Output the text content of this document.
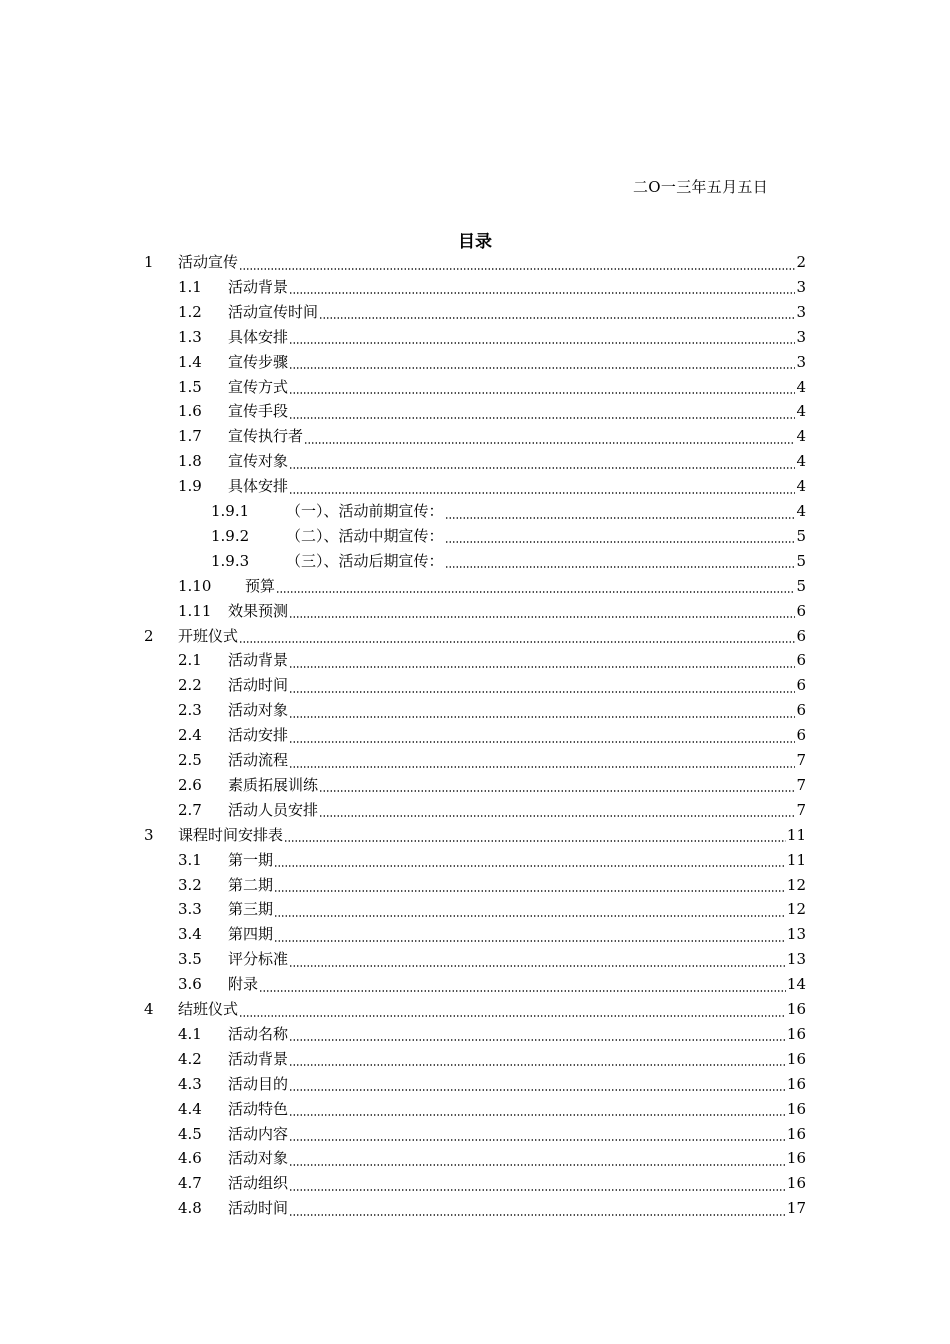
二O一三年五月五日
目录
1	活动宣传	2
1.1	活动背景	3
1.2	活动宣传时间	3
1.3	具体安排	3
1.4	宣传步骤	3
1.5	宣传方式	4
1.6	宣传手段	4
1.7	宣传执行者	4
1.8	宣传对象	4
1.9	具体安排	4
1.9.1	（一）、活动前期宣传：	4
1.9.2	（二）、活动中期宣传：	5
1.9.3	（三）、活动后期宣传：	5
1.10	预算	5
1.11	效果预测	6
2	开班仪式	6
2.1	活动背景	6
2.2	活动时间	6
2.3	活动对象	6
2.4	活动安排	6
2.5	活动流程	7
2.6	素质拓展训练	7
2.7	活动人员安排	7
3	课程时间安排表	11
3.1	第一期	11
3.2	第二期	12
3.3	第三期	12
3.4	第四期	13
3.5	评分标准	13
3.6	附录	14
4	结班仪式	16
4.1	活动名称	16
4.2	活动背景	16
4.3	活动目的	16
4.4	活动特色	16
4.5	活动内容	16
4.6	活动对象	16
4.7	活动组织	16
4.8	活动时间	17
